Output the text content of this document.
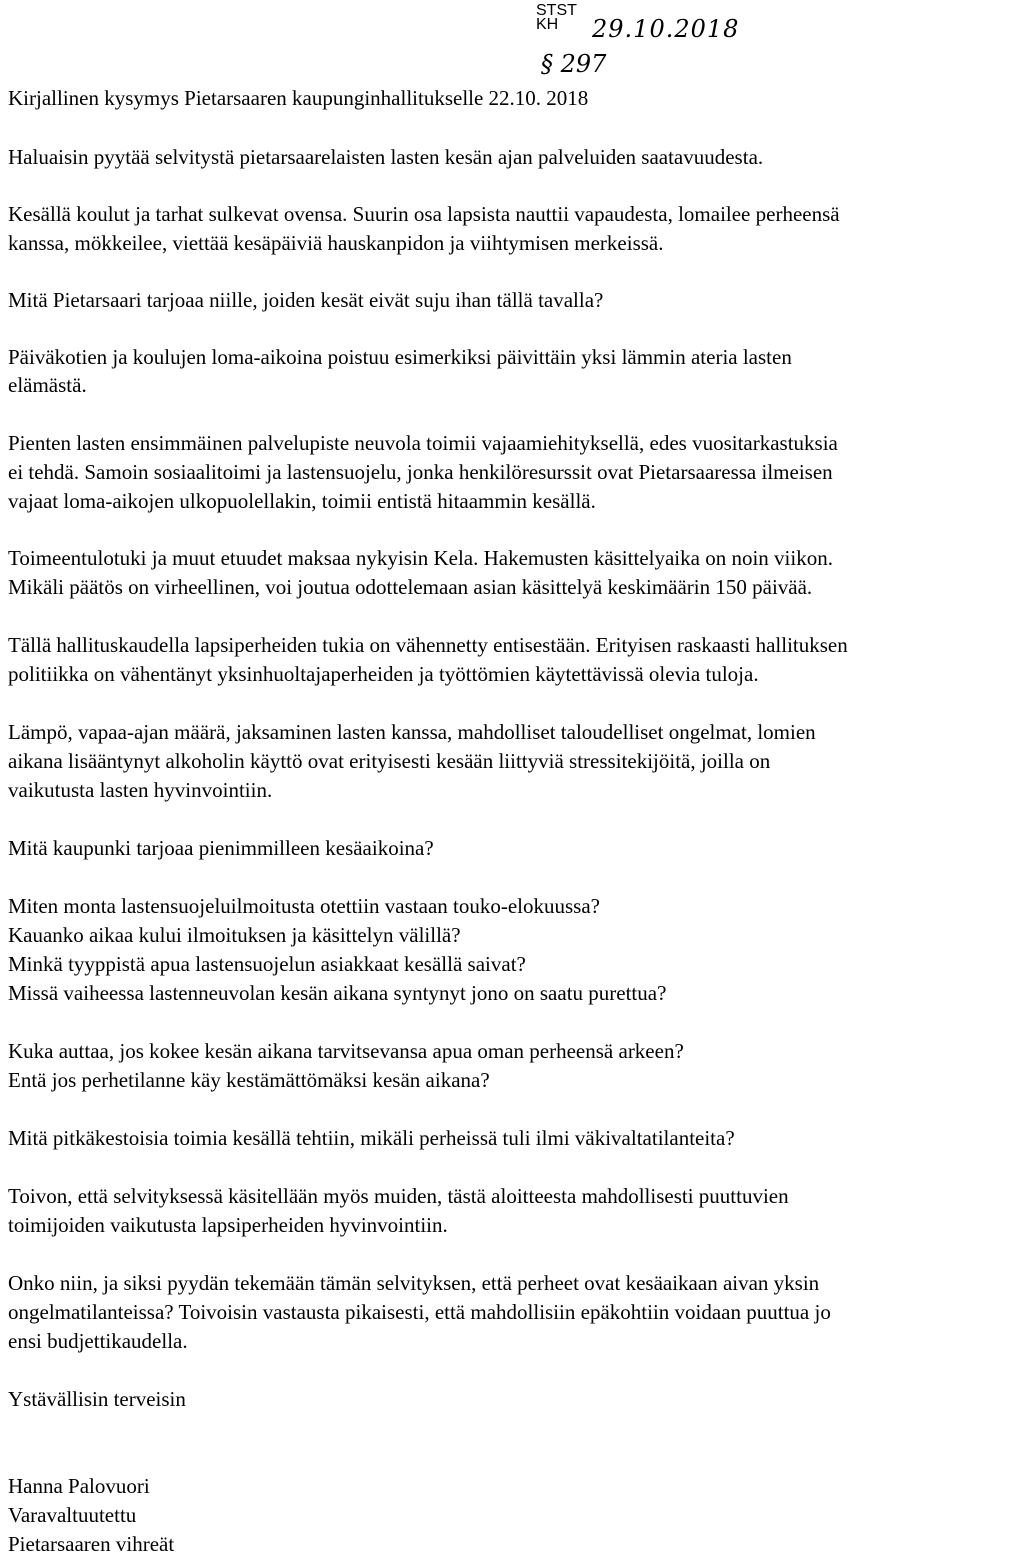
STST
KH	29.10.2018
§ 297
Kirjallinen kysymys Pietarsaaren kaupunginhallitukselle 22.10. 2018
Haluaisin pyytää selvitystä pietarsaarelaisten lasten kesän ajan palveluiden saatavuudesta.
Kesällä koulut ja tarhat sulkevat ovensa. Suurin osa lapsista nauttii vapaudesta, lomailee perheensä
kanssa, mökkeilee, viettää kesäpäiviä hauskanpidon ja viihtymisen merkeissä.
Mitä Pietarsaari tarjoaa niille, joiden kesät eivät suju ihan tällä tavalla?
Päiväkotien ja koulujen loma-aikoina poistuu esimerkiksi päivittäin yksi lämmin ateria lasten
elämästä.
Pienten lasten ensimmäinen palvelupiste neuvola toimii vajaamiehityksellä, edes vuositarkastuksia
ei tehdä. Samoin sosiaalitoimi ja lastensuojelu, jonka henkilöresurssit ovat Pietarsaaressa ilmeisen
vajaat loma-aikojen ulkopuolellakin, toimii entistä hitaammin kesällä.
Toimeentulotuki ja muut etuudet maksaa nykyisin Kela. Hakemusten käsittelyaika on noin viikon.
Mikäli päätös on virheellinen, voi joutua odottelemaan asian käsittelyä keskimäärin 150 päivää.
Tällä hallituskaudella lapsiperheiden tukia on vähennetty entisestään. Erityisen raskaasti hallituksen
politiikka on vähentänyt yksinhuoltajaperheiden ja työttömien käytettävissä olevia tuloja.
Lämpö, vapaa-ajan määrä, jaksaminen lasten kanssa, mahdolliset taloudelliset ongelmat, lomien
aikana lisääntynyt alkoholin käyttö ovat erityisesti kesään liittyviä stressitekijöitä, joilla on
vaikutusta lasten hyvinvointiin.
Mitä kaupunki tarjoaa pienimmilleen kesäaikoina?
Miten monta lastensuojeluilmoitusta otettiin vastaan touko-elokuussa?
Kauanko aikaa kului ilmoituksen ja käsittelyn välillä?
Minkä tyyppistä apua lastensuojelun asiakkaat kesällä saivat?
Missä vaiheessa lastenneuvolan kesän aikana syntynyt jono on saatu purettua?
Kuka auttaa, jos kokee kesän aikana tarvitsevansa apua oman perheensä arkeen?
Entä jos perhetilanne käy kestämättömäksi kesän aikana?
Mitä pitkäkestoisia toimia kesällä tehtiin, mikäli perheissä tuli ilmi väkivaltatilanteita?
Toivon, että selvityksessä käsitellään myös muiden, tästä aloitteesta mahdollisesti puuttuvien
toimijoiden vaikutusta lapsiperheiden hyvinvointiin.
Onko niin, ja siksi pyydän tekemään tämän selvityksen, että perheet ovat kesäaikaan aivan yksin
ongelmatilanteissa? Toivoisin vastausta pikaisesti, että mahdollisiin epäkohtiin voidaan puuttua jo
ensi budjettikaudella.
Ystävällisin terveisin
Hanna Palovuori
Varavaltuutettu
Pietarsaaren vihreät
